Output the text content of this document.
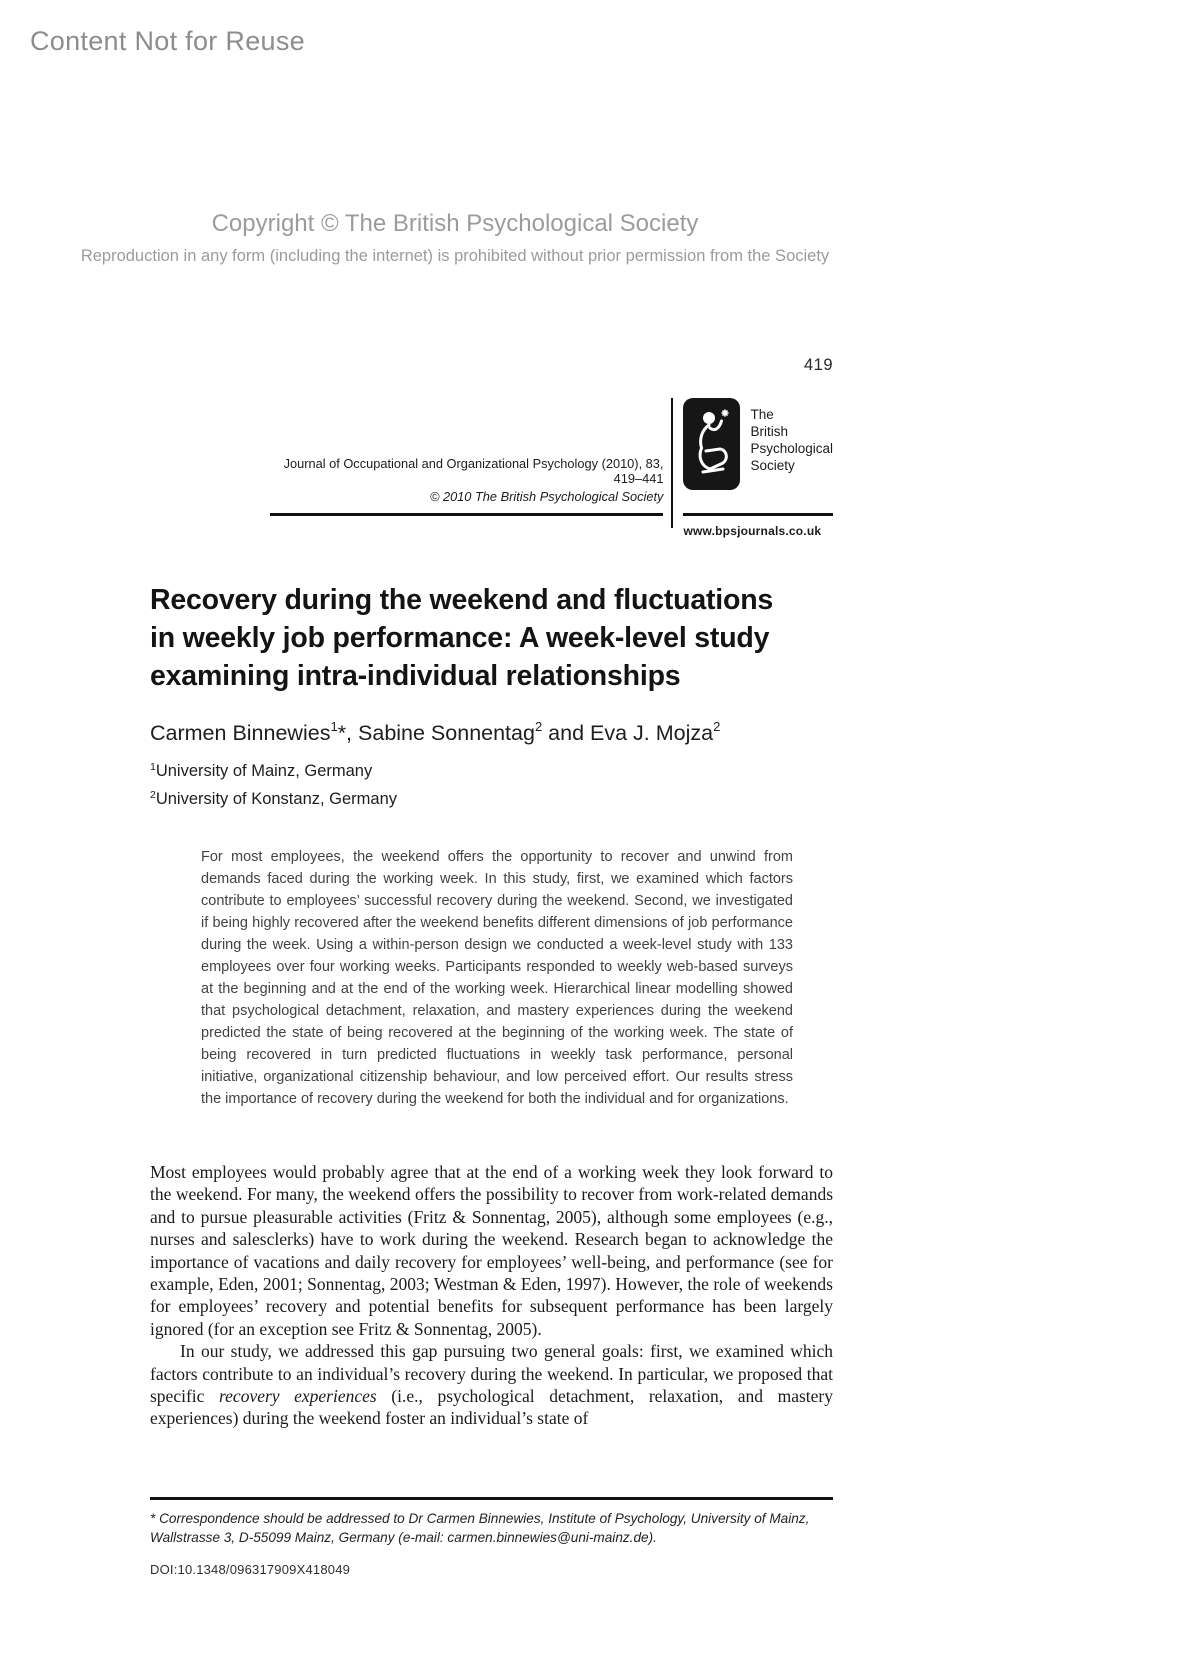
Content Not for Reuse
Copyright © The British Psychological Society
Reproduction in any form (including the internet) is prohibited without prior permission from the Society
419
Journal of Occupational and Organizational Psychology (2010), 83, 419–441
© 2010 The British Psychological Society
The
British
Psychological
Society
www.bpsjournals.co.uk
Recovery during the weekend and fluctuations
in weekly job performance: A week-level study
examining intra-individual relationships
Carmen Binnewies$^1$*, Sabine Sonnentag$^2$ and Eva J. Mojza$^2$
$^1$University of Mainz, Germany
$^2$University of Konstanz, Germany
For most employees, the weekend offers the opportunity to recover and unwind from demands faced during the working week. In this study, first, we examined which factors contribute to employees’ successful recovery during the weekend. Second, we investigated if being highly recovered after the weekend benefits different dimensions of job performance during the week. Using a within-person design we conducted a week-level study with 133 employees over four working weeks. Participants responded to weekly web-based surveys at the beginning and at the end of the working week. Hierarchical linear modelling showed that psychological detachment, relaxation, and mastery experiences during the weekend predicted the state of being recovered at the beginning of the working week. The state of being recovered in turn predicted fluctuations in weekly task performance, personal initiative, organizational citizenship behaviour, and low perceived effort. Our results stress the importance of recovery during the weekend for both the individual and for organizations.

Most employees would probably agree that at the end of a working week they look forward to the weekend. For many, the weekend offers the possibility to recover from work-related demands and to pursue pleasurable activities (Fritz & Sonnentag, 2005), although some employees (e.g., nurses and salesclerks) have to work during the weekend. Research began to acknowledge the importance of vacations and daily recovery for employees’ well-being, and performance (see for example, Eden, 2001; Sonnentag, 2003; Westman & Eden, 1997). However, the role of weekends for employees’ recovery and potential benefits for subsequent performance has been largely ignored (for an exception see Fritz & Sonnentag, 2005).

In our study, we addressed this gap pursuing two general goals: first, we examined which factors contribute to an individual’s recovery during the weekend. In particular, we proposed that specific recovery experiences (i.e., psychological detachment, relaxation, and mastery experiences) during the weekend foster an individual’s state of

* Correspondence should be addressed to Dr Carmen Binnewies, Institute of Psychology, University of Mainz, Wallstrasse 3, D-55099 Mainz, Germany (e-mail: carmen.binnewies@uni-mainz.de).
DOI:10.1348/096317909X418049
